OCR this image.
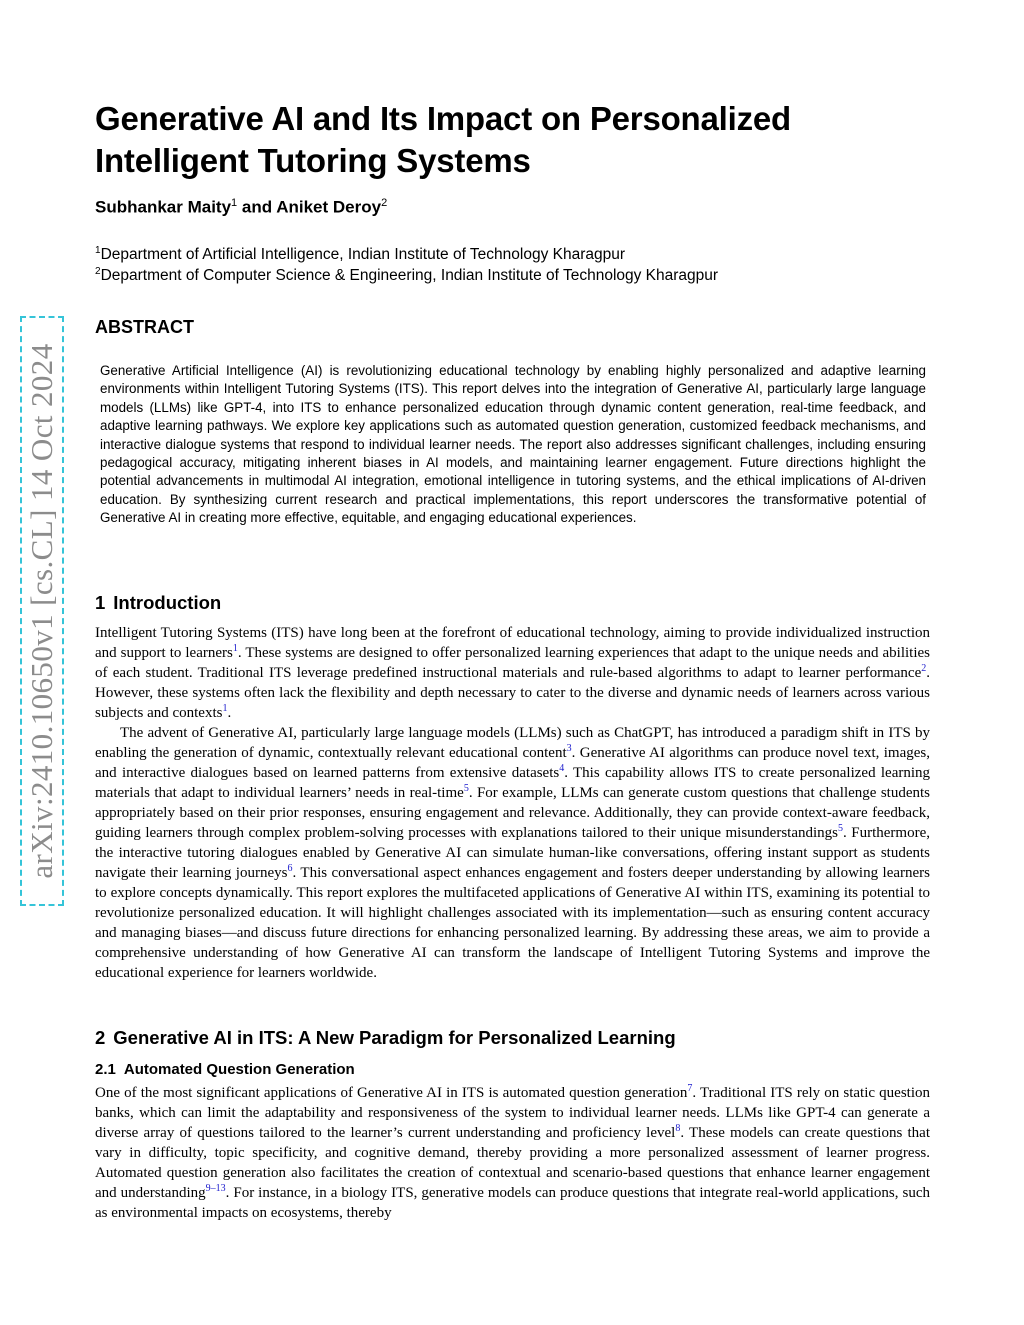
arXiv:2410.10650v1 [cs.CL] 14 Oct 2024
Generative AI and Its Impact on Personalized Intelligent Tutoring Systems
Subhankar Maity$^1$ and Aniket Deroy$^2$
$^1$Department of Artificial Intelligence, Indian Institute of Technology Kharagpur
$^2$Department of Computer Science & Engineering, Indian Institute of Technology Kharagpur
ABSTRACT
Generative Artificial Intelligence (AI) is revolutionizing educational technology by enabling highly personalized and adaptive learning environments within Intelligent Tutoring Systems (ITS). This report delves into the integration of Generative AI, particularly large language models (LLMs) like GPT-4, into ITS to enhance personalized education through dynamic content generation, real-time feedback, and adaptive learning pathways. We explore key applications such as automated question generation, customized feedback mechanisms, and interactive dialogue systems that respond to individual learner needs. The report also addresses significant challenges, including ensuring pedagogical accuracy, mitigating inherent biases in AI models, and maintaining learner engagement. Future directions highlight the potential advancements in multimodal AI integration, emotional intelligence in tutoring systems, and the ethical implications of AI-driven education. By synthesizing current research and practical implementations, this report underscores the transformative potential of Generative AI in creating more effective, equitable, and engaging educational experiences.
1 Introduction

Intelligent Tutoring Systems (ITS) have long been at the forefront of educational technology, aiming to provide individualized instruction and support to learners$^1$. These systems are designed to offer personalized learning experiences that adapt to the unique needs and abilities of each student. Traditional ITS leverage predefined instructional materials and rule-based algorithms to adapt to learner performance$^2$. However, these systems often lack the flexibility and depth necessary to cater to the diverse and dynamic needs of learners across various subjects and contexts$^1$.

The advent of Generative AI, particularly large language models (LLMs) such as ChatGPT, has introduced a paradigm shift in ITS by enabling the generation of dynamic, contextually relevant educational content$^3$. Generative AI algorithms can produce novel text, images, and interactive dialogues based on learned patterns from extensive datasets$^4$. This capability allows ITS to create personalized learning materials that adapt to individual learners’ needs in real-time$^5$. For example, LLMs can generate custom questions that challenge students appropriately based on their prior responses, ensuring engagement and relevance. Additionally, they can provide context-aware feedback, guiding learners through complex problem-solving processes with explanations tailored to their unique misunderstandings$^5$. Furthermore, the interactive tutoring dialogues enabled by Generative AI can simulate human-like conversations, offering instant support as students navigate their learning journeys$^6$. This conversational aspect enhances engagement and fosters deeper understanding by allowing learners to explore concepts dynamically. This report explores the multifaceted applications of Generative AI within ITS, examining its potential to revolutionize personalized education. It will highlight challenges associated with its implementation—such as ensuring content accuracy and managing biases—and discuss future directions for enhancing personalized learning. By addressing these areas, we aim to provide a comprehensive understanding of how Generative AI can transform the landscape of Intelligent Tutoring Systems and improve the educational experience for learners worldwide.

2 Generative AI in ITS: A New Paradigm for Personalized Learning
2.1 Automated Question Generation

One of the most significant applications of Generative AI in ITS is automated question generation$^7$. Traditional ITS rely on static question banks, which can limit the adaptability and responsiveness of the system to individual learner needs. LLMs like GPT-4 can generate a diverse array of questions tailored to the learner’s current understanding and proficiency level$^8$. These models can create questions that vary in difficulty, topic specificity, and cognitive demand, thereby providing a more personalized assessment of learner progress. Automated question generation also facilitates the creation of contextual and scenario-based questions that enhance learner engagement and understanding$^{9-13}$. For instance, in a biology ITS, generative models can produce questions that integrate real-world applications, such as environmental impacts on ecosystems, thereby
